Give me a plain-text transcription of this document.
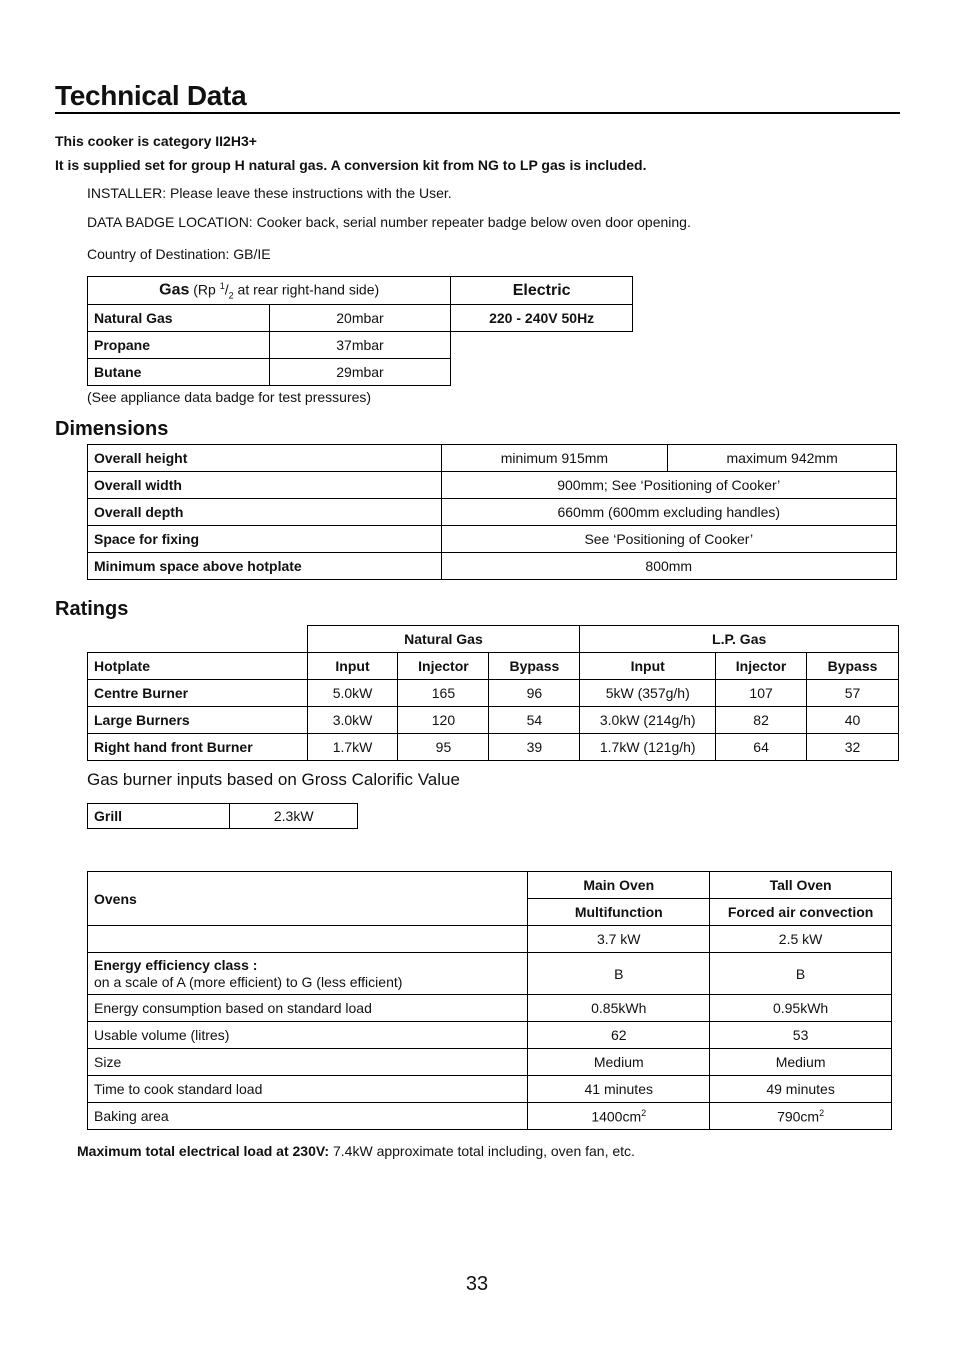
Technical Data
This cooker is category II2H3+
It is supplied set for group H natural gas. A conversion kit from NG to LP gas is included.
INSTALLER: Please leave these instructions with the User.
DATA BADGE LOCATION: Cooker back, serial number repeater badge below oven door opening.
Country of Destination: GB/IE
Gas (Rp $^1/_2$ at rear right-hand side)		Electric
Natural Gas	20mbar	220 - 240V 50Hz
Propane	37mbar	
Butane	29mbar	
(See appliance data badge for test pressures)
Dimensions
Overall height	minimum 915mm	maximum 942mm
Overall width	900mm; See ‘Positioning of Cooker’	
Overall depth	660mm (600mm excluding handles)	
Space for fixing	See ‘Positioning of Cooker’	
Minimum space above hotplate	800mm	
Ratings
	Natural Gas			L.P. Gas		
Hotplate	Input	Injector	Bypass	Input	Injector	Bypass
Centre Burner	5.0kW	165	96	5kW (357g/h)	107	57
Large Burners	3.0kW	120	54	3.0kW (214g/h)	82	40
Right hand front Burner	1.7kW	95	39	1.7kW (121g/h)	64	32
Gas burner inputs based on Gross Calorific Value
Grill	2.3kW
Ovens	Main Oven	Tall Oven
	Multifunction	Forced air convection
	3.7 kW	2.5 kW

Energy efficiency class :
on a scale of A (more efficient) to G (less efficient)	B	B
Energy consumption based on standard load	0.85kWh	0.95kWh
Usable volume (litres)	62	53
Size	Medium	Medium
Time to cook standard load	41 minutes	49 minutes
Baking area	$1400cm^2$	$790cm^2$
Maximum total electrical load at 230V: 7.4kW approximate total including, oven fan, etc.
33
